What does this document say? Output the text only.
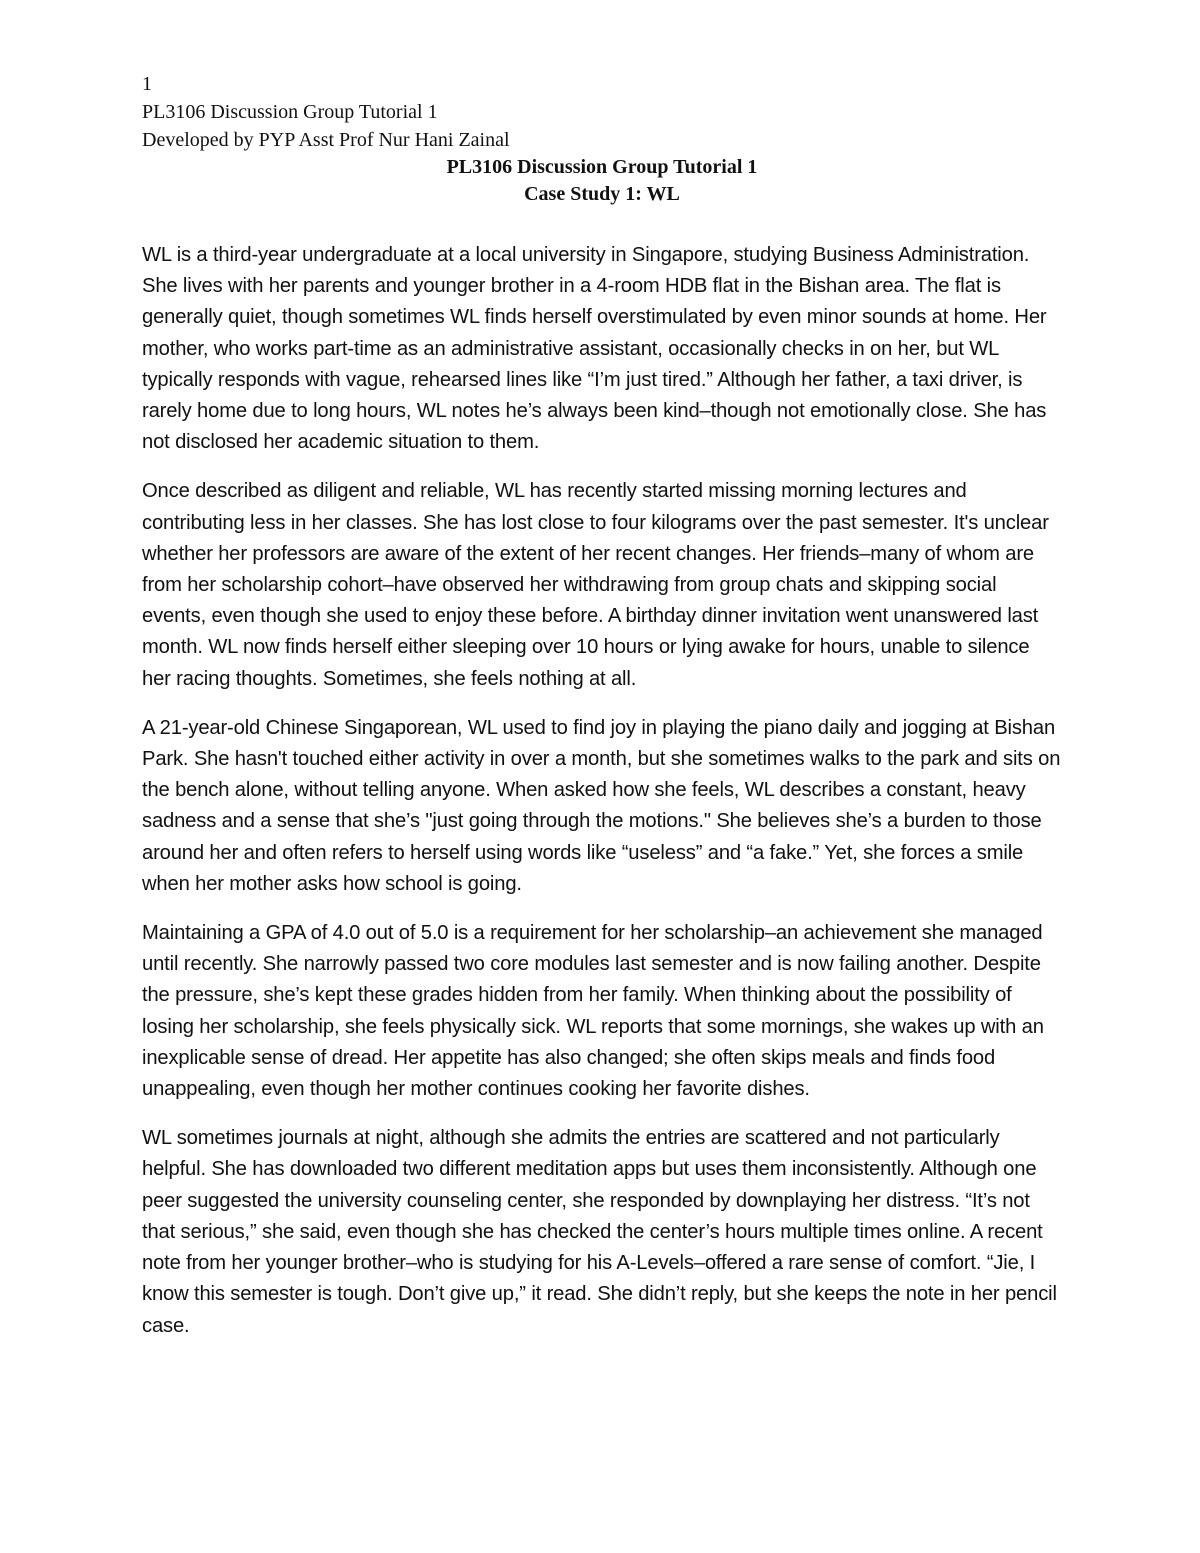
1

PL3106 Discussion Group Tutorial 1

Developed by PYP Asst Prof Nur Hani Zainal

PL3106 Discussion Group Tutorial 1

Case Study 1: WL

WL is a third-year undergraduate at a local university in Singapore, studying Business Administration. She lives with her parents and younger brother in a 4-room HDB flat in the Bishan area. The flat is generally quiet, though sometimes WL finds herself overstimulated by even minor sounds at home. Her mother, who works part-time as an administrative assistant, occasionally checks in on her, but WL typically responds with vague, rehearsed lines like “I’m just tired.” Although her father, a taxi driver, is rarely home due to long hours, WL notes he’s always been kind–though not emotionally close. She has not disclosed her academic situation to them.

Once described as diligent and reliable, WL has recently started missing morning lectures and contributing less in her classes. She has lost close to four kilograms over the past semester. It's unclear whether her professors are aware of the extent of her recent changes. Her friends–many of whom are from her scholarship cohort–have observed her withdrawing from group chats and skipping social events, even though she used to enjoy these before. A birthday dinner invitation went unanswered last month. WL now finds herself either sleeping over 10 hours or lying awake for hours, unable to silence her racing thoughts. Sometimes, she feels nothing at all.

A 21-year-old Chinese Singaporean, WL used to find joy in playing the piano daily and jogging at Bishan Park. She hasn't touched either activity in over a month, but she sometimes walks to the park and sits on the bench alone, without telling anyone. When asked how she feels, WL describes a constant, heavy sadness and a sense that she’s "just going through the motions." She believes she’s a burden to those around her and often refers to herself using words like “useless” and “a fake.” Yet, she forces a smile when her mother asks how school is going.

Maintaining a GPA of 4.0 out of 5.0 is a requirement for her scholarship–an achievement she managed until recently. She narrowly passed two core modules last semester and is now failing another. Despite the pressure, she’s kept these grades hidden from her family. When thinking about the possibility of losing her scholarship, she feels physically sick. WL reports that some mornings, she wakes up with an inexplicable sense of dread. Her appetite has also changed; she often skips meals and finds food unappealing, even though her mother continues cooking her favorite dishes.

WL sometimes journals at night, although she admits the entries are scattered and not particularly helpful. She has downloaded two different meditation apps but uses them inconsistently. Although one peer suggested the university counseling center, she responded by downplaying her distress. “It’s not that serious,” she said, even though she has checked the center’s hours multiple times online. A recent note from her younger brother–who is studying for his A-Levels–offered a rare sense of comfort. “Jie, I know this semester is tough. Don’t give up,” it read. She didn’t reply, but she keeps the note in her pencil case.
